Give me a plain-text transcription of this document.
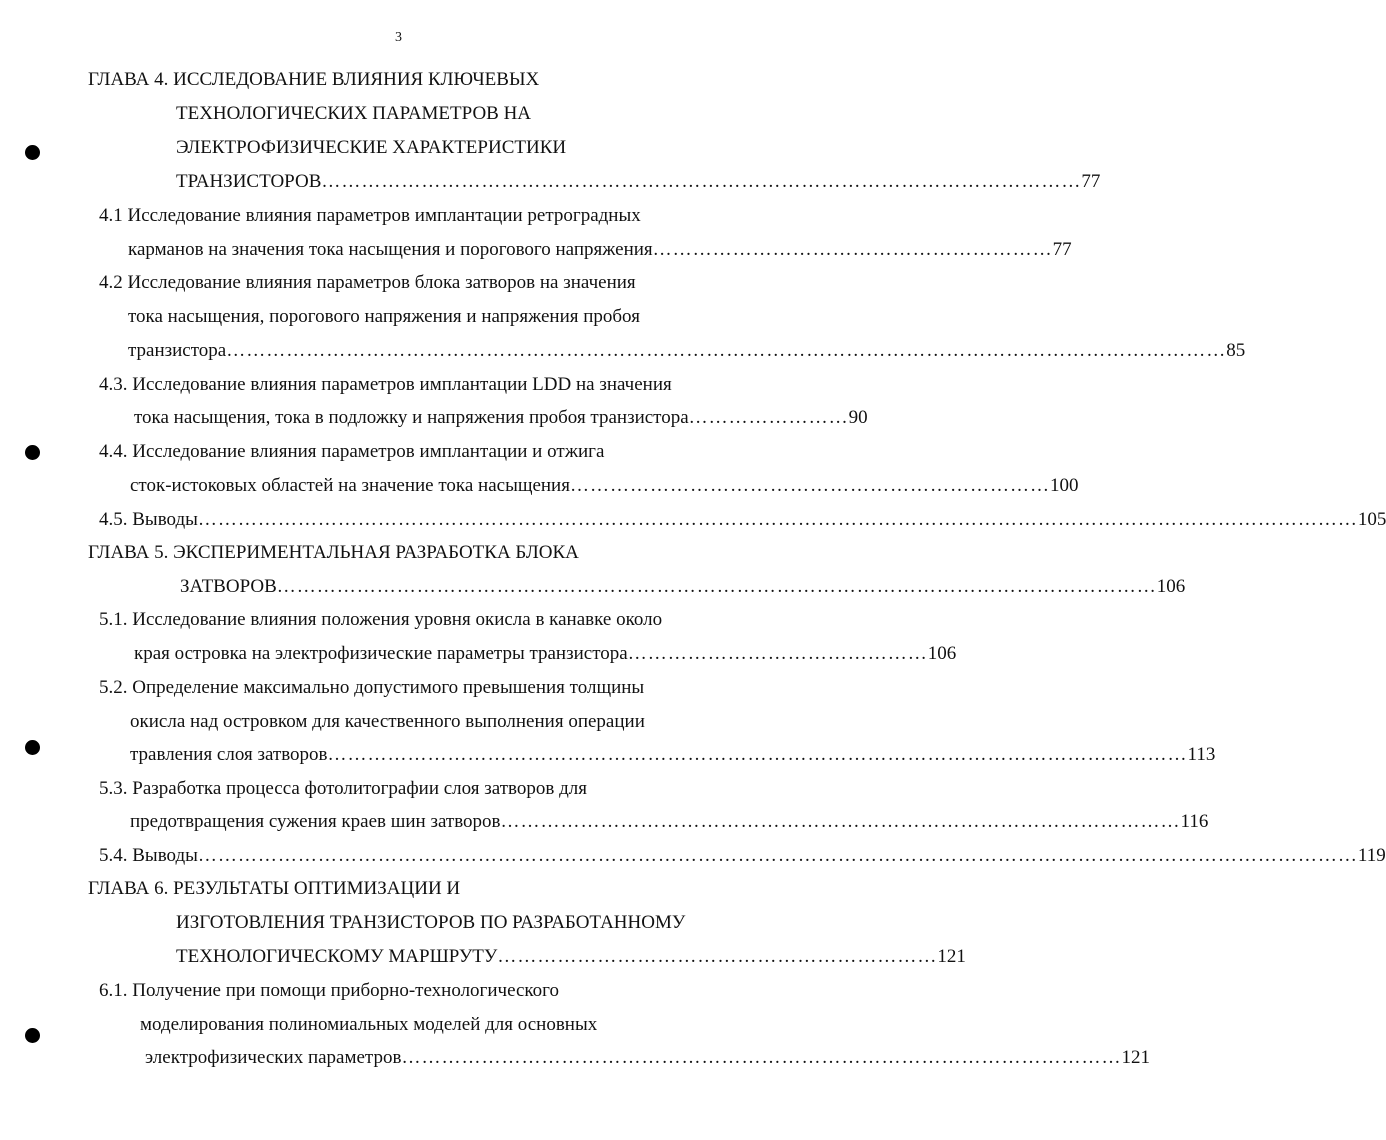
3
ГЛАВА 4. ИССЛЕДОВАНИЕ ВЛИЯНИЯ КЛЮЧЕВЫХ
ТЕХНОЛОГИЧЕСКИХ ПАРАМЕТРОВ НА
ЭЛЕКТРОФИЗИЧЕСКИЕ ХАРАКТЕРИСТИКИ
ТРАНЗИСТОРОВ …………………………………………………………………………………………………… 77
4.1 Исследование влияния параметров имплантации ретроградных
карманов на значения тока насыщения и порогового напряжения …………………………………………………… 77
4.2 Исследование влияния параметров блока затворов на значения
тока насыщения, порогового напряжения и напряжения пробоя
транзистора …………………………………………………………………………………………………………………………………… 85
4.3. Исследование влияния параметров имплантации LDD на значения
тока насыщения, тока в подложку и напряжения пробоя транзистора …………………… 90
4.4. Исследование влияния параметров имплантации и отжига
сток-истоковых областей на значение тока насыщения ……………………………………………………………… 100
4.5. Выводы ………………………………………………………………………………………………………………………………………………………… 105
ГЛАВА 5. ЭКСПЕРИМЕНТАЛЬНАЯ РАЗРАБОТКА БЛОКА
ЗАТВОРОВ …………………………………………………………………………………………………………………… 106
5.1. Исследование влияния положения уровня окисла в канавке около
края островка на электрофизические параметры транзистора ……………………………………… 106
5.2. Определение максимально допустимого превышения толщины
окисла над островком для качественного выполнения операции
травления слоя затворов ………………………………………………………………………………………………………………… 113
5.3. Разработка процесса фотолитографии слоя затворов для
предотвращения сужения краев шин затворов ………………………………………………………………………………………… 116
5.4. Выводы ………………………………………………………………………………………………………………………………………………………… 119
ГЛАВА 6. РЕЗУЛЬТАТЫ ОПТИМИЗАЦИИ И
ИЗГОТОВЛЕНИЯ ТРАНЗИСТОРОВ ПО РАЗРАБОТАННОМУ
ТЕХНОЛОГИЧЕСКОМУ МАРШРУТУ ………………………………………………………… 121
6.1. Получение при помощи приборно-технологического
моделирования полиномиальных моделей для основных
электрофизических параметров ……………………………………………………………………………………………… 121
